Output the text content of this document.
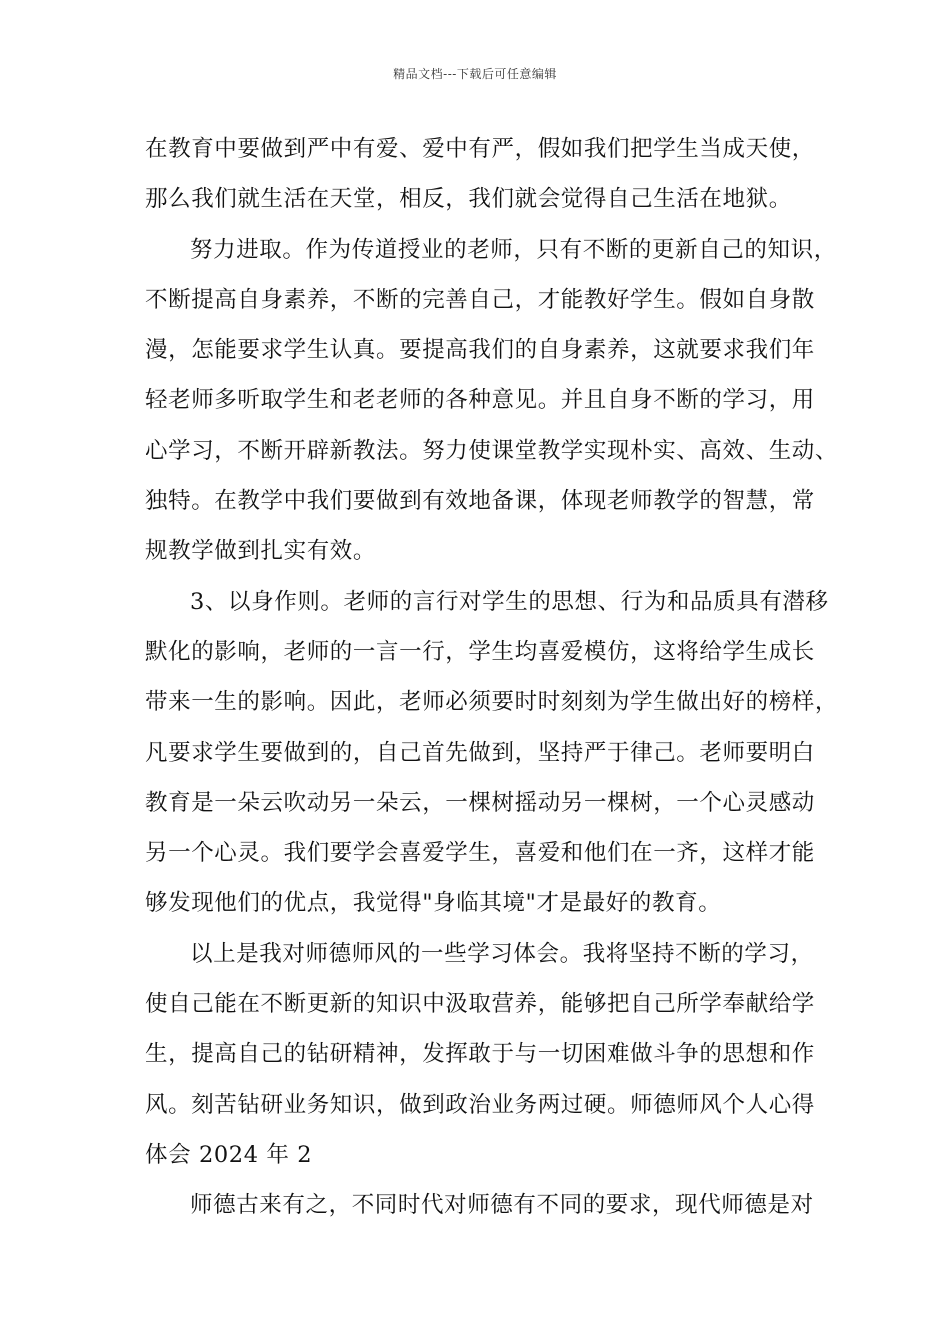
精品文档---下载后可任意编辑
在教育中要做到严中有爱、爱中有严，假如我们把学生当成天使，
那么我们就生活在天堂，相反，我们就会觉得自己生活在地狱。
努力进取。作为传道授业的老师，只有不断的更新自己的知识，
不断提高自身素养，不断的完善自己，才能教好学生。假如自身散
漫，怎能要求学生认真。要提高我们的自身素养，这就要求我们年
轻老师多听取学生和老老师的各种意见。并且自身不断的学习，用
心学习，不断开辟新教法。努力使课堂教学实现朴实、高效、生动、
独特。在教学中我们要做到有效地备课，体现老师教学的智慧，常
规教学做到扎实有效。
3、以身作则。老师的言行对学生的思想、行为和品质具有潜移
默化的影响，老师的一言一行，学生均喜爱模仿，这将给学生成长
带来一生的影响。因此，老师必须要时时刻刻为学生做出好的榜样，
凡要求学生要做到的，自己首先做到，坚持严于律己。老师要明白
教育是一朵云吹动另一朵云，一棵树摇动另一棵树，一个心灵感动
另一个心灵。我们要学会喜爱学生，喜爱和他们在一齐，这样才能
够发现他们的优点，我觉得"身临其境"才是最好的教育。
以上是我对师德师风的一些学习体会。我将坚持不断的学习，
使自己能在不断更新的知识中汲取营养，能够把自己所学奉献给学
生，提高自己的钻研精神，发挥敢于与一切困难做斗争的思想和作
风。刻苦钻研业务知识，做到政治业务两过硬。师德师风个人心得
体会 2024 年 2
师德古来有之，不同时代对师德有不同的要求，现代师德是对
